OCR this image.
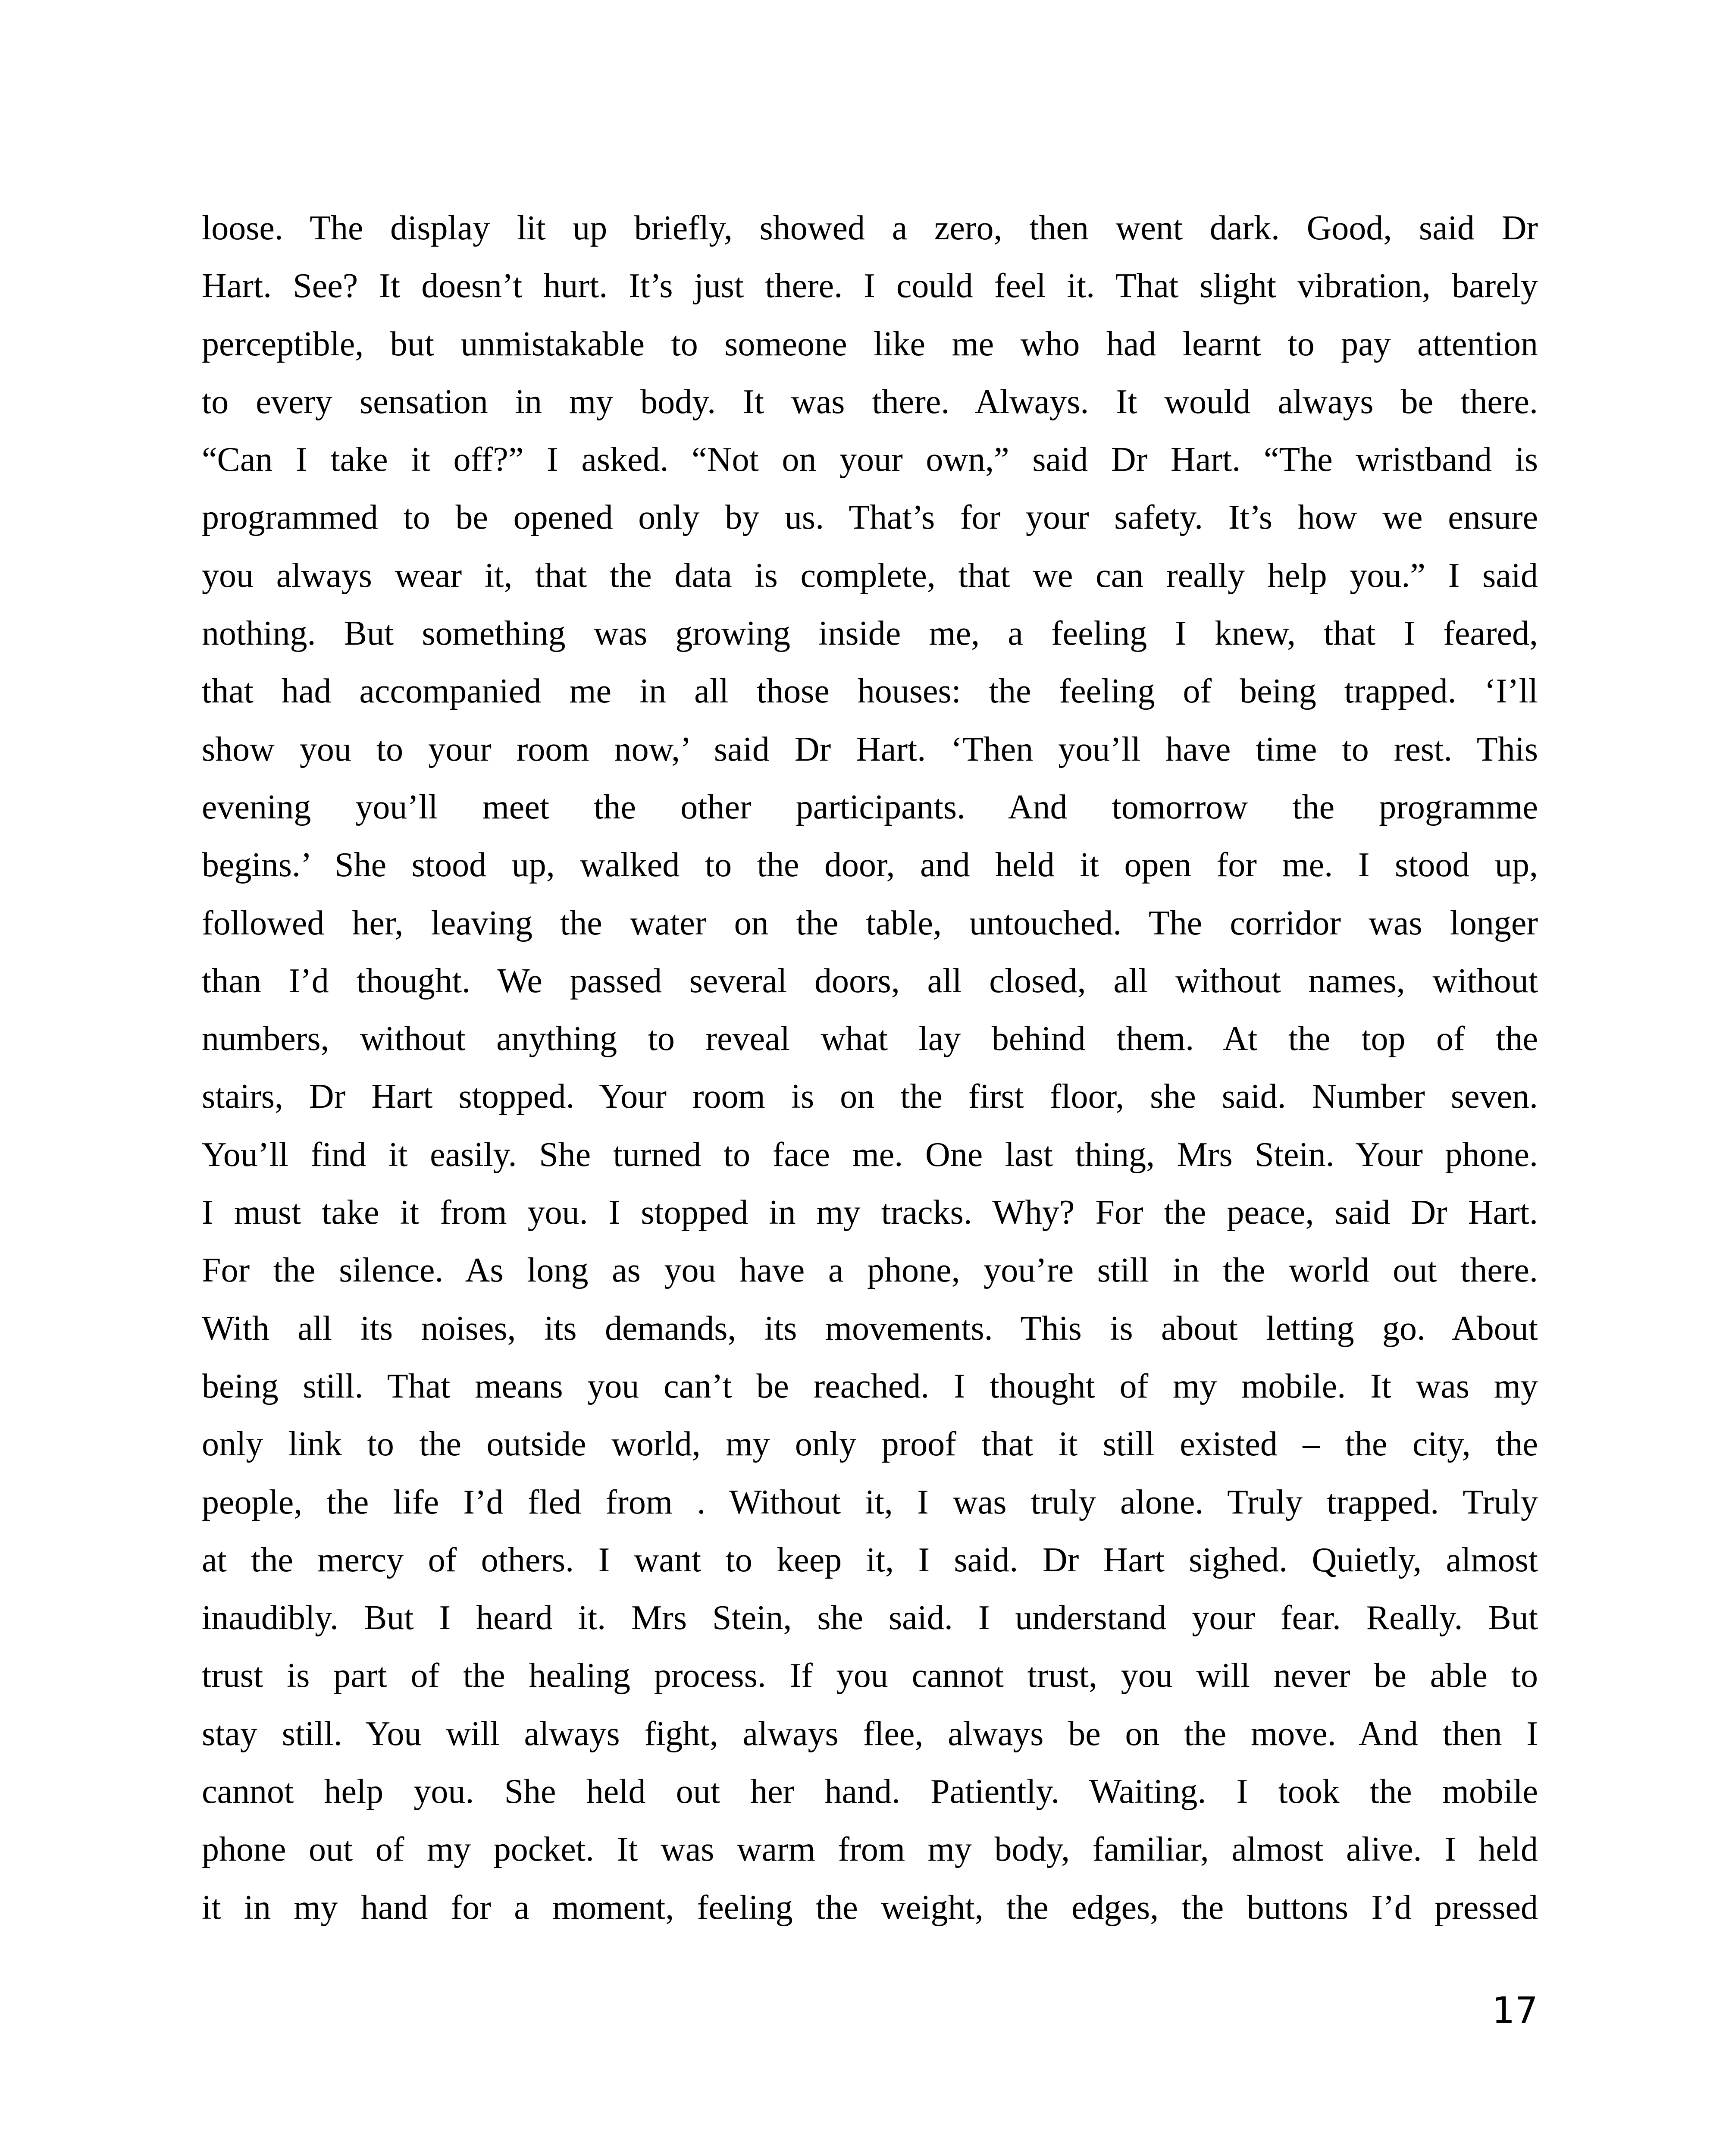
loose. The display lit up briefly, showed a zero, then went dark. Good, said Dr
Hart. See? It doesn’t hurt. It’s just there. I could feel it. That slight vibration, barely
perceptible, but unmistakable to someone like me who had learnt to pay attention
to every sensation in my body. It was there. Always. It would always be there.
“Can I take it off?” I asked. “Not on your own,” said Dr Hart. “The wristband is
programmed to be opened only by us. That’s for your safety. It’s how we ensure
you always wear it, that the data is complete, that we can really help you.” I said
nothing. But something was growing inside me, a feeling I knew, that I feared,
that had accompanied me in all those houses: the feeling of being trapped. ‘I’ll
show you to your room now,’ said Dr Hart. ‘Then you’ll have time to rest. This
evening you’ll meet the other participants. And tomorrow the programme
begins.’ She stood up, walked to the door, and held it open for me. I stood up,
followed her, leaving the water on the table, untouched. The corridor was longer
than I’d thought. We passed several doors, all closed, all without names, without
numbers, without anything to reveal what lay behind them. At the top of the
stairs, Dr Hart stopped. Your room is on the first floor, she said. Number seven.
You’ll find it easily. She turned to face me. One last thing, Mrs Stein. Your phone.
I must take it from you. I stopped in my tracks. Why? For the peace, said Dr Hart.
For the silence. As long as you have a phone, you’re still in the world out there.
With all its noises, its demands, its movements. This is about letting go. About
being still. That means you can’t be reached. I thought of my mobile. It was my
only link to the outside world, my only proof that it still existed – the city, the
people, the life I’d fled from . Without it, I was truly alone. Truly trapped. Truly
at the mercy of others. I want to keep it, I said. Dr Hart sighed. Quietly, almost
inaudibly. But I heard it. Mrs Stein, she said. I understand your fear. Really. But
trust is part of the healing process. If you cannot trust, you will never be able to
stay still. You will always fight, always flee, always be on the move. And then I
cannot help you. She held out her hand. Patiently. Waiting. I took the mobile
phone out of my pocket. It was warm from my body, familiar, almost alive. I held
it in my hand for a moment, feeling the weight, the edges, the buttons I’d pressed
17
